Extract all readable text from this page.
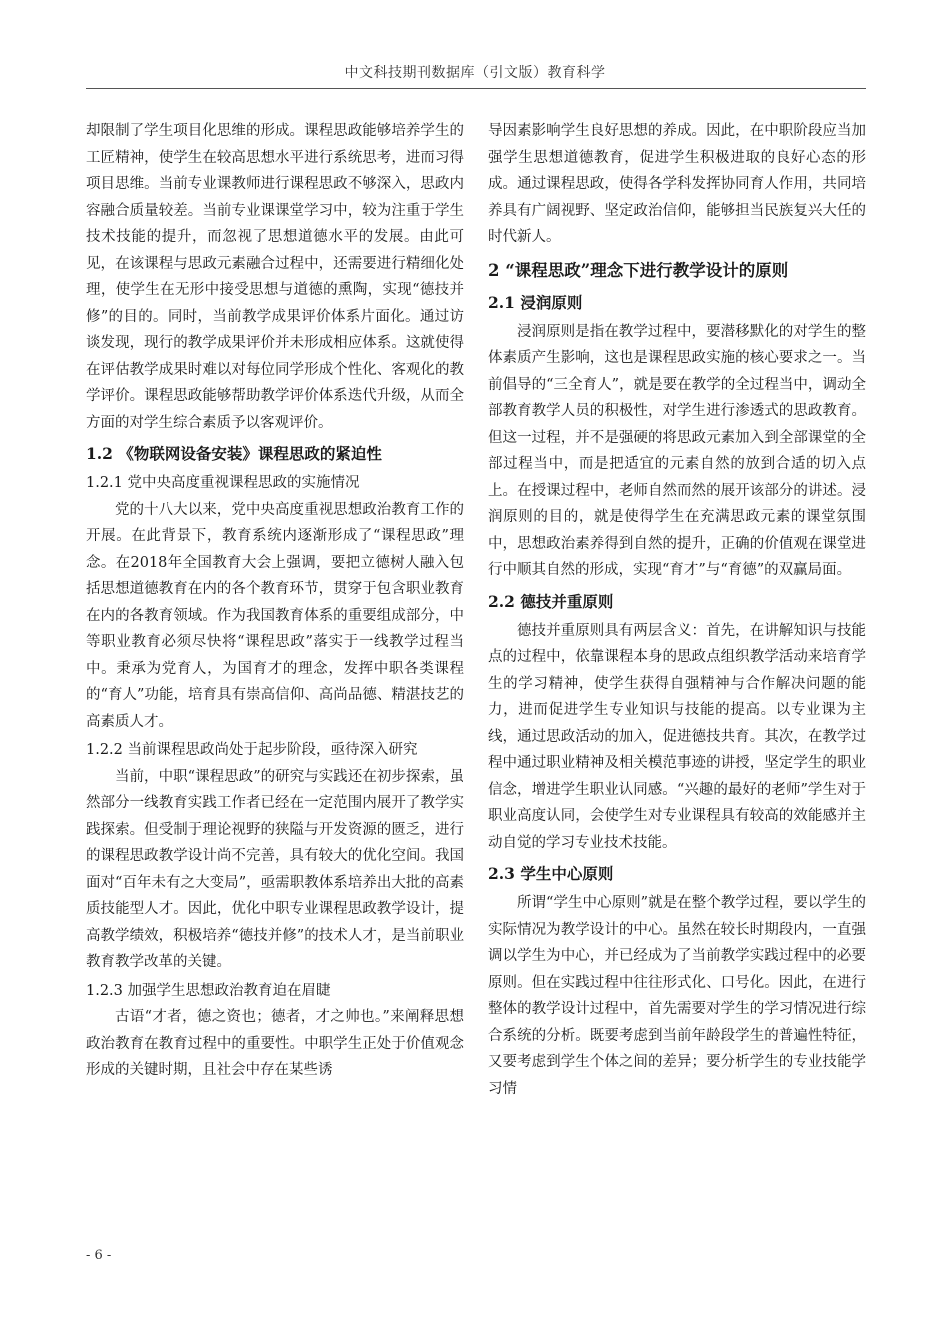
中文科技期刊数据库（引文版）教育科学

却限制了学生项目化思维的形成。课程思政能够培养学生的工匠精神，使学生在较高思想水平进行系统思考，进而习得项目思维。当前专业课教师进行课程思政不够深入，思政内容融合质量较差。当前专业课课堂学习中，较为注重于学生技术技能的提升，而忽视了思想道德水平的发展。由此可见，在该课程与思政元素融合过程中，还需要进行精细化处理，使学生在无形中接受思想与道德的熏陶，实现“德技并修”的目的。同时，当前教学成果评价体系片面化。通过访谈发现，现行的教学成果评价并未形成相应体系。这就使得在评估教学成果时难以对每位同学形成个性化、客观化的教学评价。课程思政能够帮助教学评价体系迭代升级，从而全方面的对学生综合素质予以客观评价。

1.2 《物联网设备安装》课程思政的紧迫性
1.2.1 党中央高度重视课程思政的实施情况

党的十八大以来，党中央高度重视思想政治教育工作的开展。在此背景下，教育系统内逐渐形成了“课程思政”理念。在2018年全国教育大会上强调，要把立德树人融入包括思想道德教育在内的各个教育环节，贯穿于包含职业教育在内的各教育领域。作为我国教育体系的重要组成部分，中等职业教育必须尽快将“课程思政”落实于一线教学过程当中。秉承为党育人，为国育才的理念，发挥中职各类课程的“育人”功能，培育具有崇高信仰、高尚品德、精湛技艺的高素质人才。

1.2.2 当前课程思政尚处于起步阶段，亟待深入研究

当前，中职“课程思政”的研究与实践还在初步探索，虽然部分一线教育实践工作者已经在一定范围内展开了教学实践探索。但受制于理论视野的狭隘与开发资源的匮乏，进行的课程思政教学设计尚不完善，具有较大的优化空间。我国面对“百年未有之大变局”，亟需职教体系培养出大批的高素质技能型人才。因此，优化中职专业课程思政教学设计，提高教学绩效，积极培养“德技并修”的技术人才，是当前职业教育教学改革的关键。

1.2.3 加强学生思想政治教育迫在眉睫

古语“才者，德之资也；德者，才之帅也。”来阐释思想政治教育在教育过程中的重要性。中职学生正处于价值观念形成的关键时期，且社会中存在某些诱

导因素影响学生良好思想的养成。因此，在中职阶段应当加强学生思想道德教育，促进学生积极进取的良好心态的形成。通过课程思政，使得各学科发挥协同育人作用，共同培养具有广阔视野、坚定政治信仰，能够担当民族复兴大任的时代新人。

2 “课程思政”理念下进行教学设计的原则
2.1 浸润原则

浸润原则是指在教学过程中，要潜移默化的对学生的整体素质产生影响，这也是课程思政实施的核心要求之一。当前倡导的“三全育人”，就是要在教学的全过程当中，调动全部教育教学人员的积极性，对学生进行渗透式的思政教育。但这一过程，并不是强硬的将思政元素加入到全部课堂的全部过程当中，而是把适宜的元素自然的放到合适的切入点上。在授课过程中，老师自然而然的展开该部分的讲述。浸润原则的目的，就是使得学生在充满思政元素的课堂氛围中，思想政治素养得到自然的提升，正确的价值观在课堂进行中顺其自然的形成，实现“育才”与“育德”的双赢局面。

2.2 德技并重原则

德技并重原则具有两层含义：首先，在讲解知识与技能点的过程中，依靠课程本身的思政点组织教学活动来培育学生的学习精神，使学生获得自强精神与合作解决问题的能力，进而促进学生专业知识与技能的提高。以专业课为主线，通过思政活动的加入，促进德技共育。其次，在教学过程中通过职业精神及相关模范事迹的讲授，坚定学生的职业信念，增进学生职业认同感。“兴趣的最好的老师”学生对于职业高度认同，会使学生对专业课程具有较高的效能感并主动自觉的学习专业技术技能。

2.3 学生中心原则

所谓“学生中心原则”就是在整个教学过程，要以学生的实际情况为教学设计的中心。虽然在较长时期段内，一直强调以学生为中心，并已经成为了当前教学实践过程中的必要原则。但在实践过程中往往形式化、口号化。因此，在进行整体的教学设计过程中，首先需要对学生的学习情况进行综合系统的分析。既要考虑到当前年龄段学生的普遍性特征，又要考虑到学生个体之间的差异；要分析学生的专业技能学习情

- 6 -
